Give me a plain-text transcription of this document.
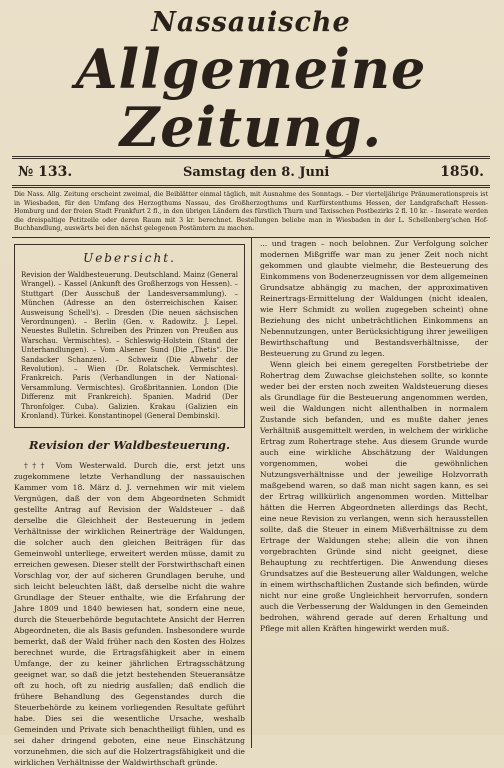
Nassauische
Allgemeine Zeitung.
№ 133.	Samstag den 8. Juni	1850.
Die Nass. Allg. Zeitung erscheint zweimal, die Beiblätter einmal täglich, mit Ausnahme des Sonntags. – Der vierteljährige Pränumerationspreis ist in Wiesbaden, für den Umfang des Herzogthums Nassau, des Großherzogthums und Kurfürstenthums Hessen, der Landgrafschaft Hessen-Homburg und der freien Stadt Frankfurt 2 fl., in den übrigen Ländern des fürstlich Thurn und Taxisschen Postbezirks 2 fl. 10 kr. – Inserate werden die dreispaltige Petitzeile oder deren Raum mit 3 kr. berechnet. Bestellungen beliebe man in Wiesbaden in der L. Schellenberg'schen Hof-Buchhandlung, auswärts bei den nächst gelegenen Postämtern zu machen.
Uebersicht.
Revision der Waldbesteuerung. Deutschland. Mainz (General Wrangel). – Kassel (Ankunft des Großherzogs von Hessen). – Stuttgart (Der Ausschuß der Landesversammlung). – München (Adresse an den österreichischen Kaiser. Ausweisung Schell's). – Dresden (Die neuen sächsischen Verordnungen). – Berlin (Gen. v. Radowitz. J. Lepel. Neuestes Bulletin. Schreiben des Prinzen von Preußen aus Warschau. Vermischtes). – Schleswig-Holstein (Stand der Unterhandlungen). – Vom Alsener Sund (Die „Thetis“. Die Sandacker Schanzen). – Schweiz (Die Abwehr der Revolution). – Wien (Dr. Rolatschek. Vermischtes). Frankreich. Paris (Verhandlungen in der National-Versammlung. Vermischtes). Großbritannien. London (Die Differenz mit Frankreich). Spanien. Madrid (Der Thronfolger. Cuba). Galizien. Krakau (Galizien ein Kronland). Türkei. Konstantinopel (General Dembinski).
Revision der Waldbesteuerung.

††† Vom Westerwald. Durch die, erst jetzt uns zugekommene letzte Verhandlung der nassauischen Kammer vom 18. März d. J. vernehmen wir mit vielem Vergnügen, daß der von dem Abgeordneten Schmidt gestellte Antrag auf Revision der Waldsteuer – daß derselbe die Gleichheit der Besteuerung in jedem Verhältnisse der wirklichen Reinerträge der Waldungen, die solcher auch den gleichen Beiträgen für das Gemeinwohl unterliege, erweitert werden müsse, damit zu erreichen gewesen. Dieser stellt der Forstwirthschaft einen Vorschlag vor, der auf sicheren Grundlagen beruhe, und sich leicht beleuchten läßt, daß derselbe nicht die wahre Grundlage der Steuer enthalte, wie die Erfahrung der Jahre 1809 und 1840 bewiesen hat, sondern eine neue, durch die Steuerbehörde begutachtete Ansicht der Herren Abgeordneten, die als Basis gefunden. Insbesondere wurde bemerkt, daß der Wald früher nach den Kosten des Holzes berechnet wurde, die Ertragsfähigkeit aber in einem Umfange, der zu keiner jährlichen Ertragsschätzung geeignet war, so daß die jetzt bestehenden Steueransätze oft zu hoch, oft zu niedrig ausfallen; daß endlich die frühere Behandlung des Gegenstandes durch die Steuerbehörde zu keinem vorliegenden Resultate geführt habe. Dies sei die wesentliche Ursache, weshalb Gemeinden und Private sich benachtheiligt fühlen, und es sei daher dringend geboten, eine neue Einschätzung vorzunehmen, die sich auf die Holzertragsfähigkeit und die wirklichen Verhältnisse der Waldwirthschaft gründe.

... und tragen – noch belohnen. Zur Verfolgung solcher modernen Mißgriffe war man zu jener Zeit noch nicht gekommen und glaubte vielmehr, die Besteuerung des Einkommens von Bodenerzeugnissen vor dem allgemeinen Grundsatze abhängig zu machen, der approximativen Reinertrags-Ermittelung der Waldungen (nicht idealen, wie Herr Schmidt zu wollen zugegeben scheint) ohne Beziehung des nicht unbeträchtlichen Einkommens an Nebennutzungen, unter Berücksichtigung ihrer jeweiligen Bewirthschaftung und Bestandsverhältnisse, der Besteuerung zu Grund zu legen.

Wenn gleich bei einem geregelten Forstbetriebe der Rohertrag dem Zuwachse gleichstehen sollte, so konnte weder bei der ersten noch zweiten Waldsteuerung dieses als Grundlage für die Besteuerung angenommen werden, weil die Waldungen nicht allenthalben in normalem Zustande sich befanden, und es mußte daher jenes Verhältniß ausgemittelt werden, in welchem der wirkliche Ertrag zum Rohertrage stehe. Aus diesem Grunde wurde auch eine wirkliche Abschätzung der Waldungen vorgenommen, wobei die gewöhnlichen Nutzungsverhältnisse und der jeweilige Holzvorrath maßgebend waren, so daß man nicht sagen kann, es sei der Ertrag willkürlich angenommen worden. Mittelbar hätten die Herren Abgeordneten allerdings das Recht, eine neue Revision zu verlangen, wenn sich herausstellen sollte, daß die Steuer in einem Mißverhältnisse zu dem Ertrage der Waldungen stehe; allein die von ihnen vorgebrachten Gründe sind nicht geeignet, diese Behauptung zu rechtfertigen. Die Anwendung dieses Grundsatzes auf die Besteuerung aller Waldungen, welche in einem wirthschaftlichen Zustande sich befinden, würde nicht nur eine große Ungleichheit hervorrufen, sondern auch die Verbesserung der Waldungen in den Gemeinden bedrohen, während gerade auf deren Erhaltung und Pflege mit allen Kräften hingewirkt werden muß.
